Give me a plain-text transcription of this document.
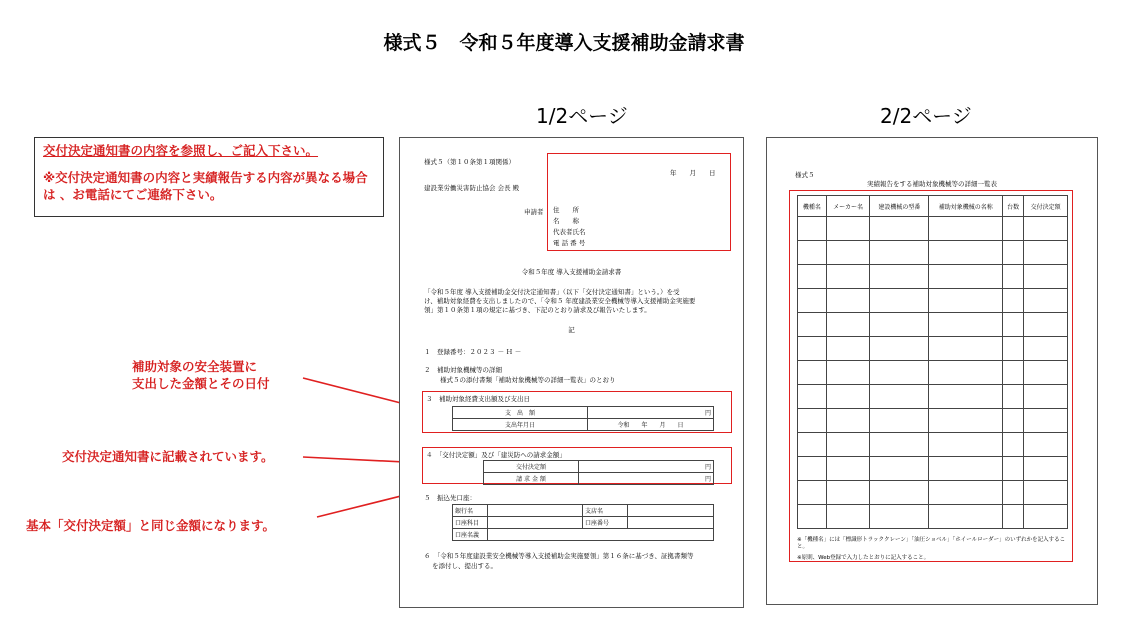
様式５　令和５年度導入支援補助金請求書
1/2ページ	2/2ページ
交付決定通知書の内容を参照し、ご記入下さい。
※交付決定通知書の内容と実績報告する内容が異なる場合は 、お電話にてご連絡下さい。
補助対象の安全装置に
支出した金額とその日付
交付決定通知書に記載されています。
基本「交付決定額」と同じ金額になります。
様式５（第１０条第１項関係）
年　　月　　日
建設業労働災害防止協会 会長 殿
申請者 住　　所
名　　称
代表者氏名
電 話 番 号
令和５年度 導入支援補助金請求書
「令和５年度 導入支援補助金交付決定通知書」（以下「交付決定通知書」という。）を受
け、補助対象経費を支出しましたので、「令和５ 年度建設業安全機械等導入支援補助金実施要
領」第１０条第１項の規定に基づき、下記のとおり請求及び報告いたします。
記
１　登録番号：２０２３ － Ｈ －
２　補助対象機械等の詳細
様式５の添付書類「補助対象機械等の詳細一覧表」のとおり
３　補助対象経費支出額及び支出日
支　出　額	円
支出年月日	令和　　年　　月　　日
４　「交付決定額」及び「建災防への請求金額」
交付決定額	円
請 求 金 額	円
５　振込先口座：
銀行名		支店名	
口座科目		口座番号	
口座名義			
６　「令和５年度建設業安全機械等導入支援補助金実施要領」第１６条に基づき、証拠書類等
を添付し、提出する。
様式５
実績報告をする補助対象機械等の詳細一覧表
機種名	メーカー名	建設機械の型番	補助対象機械の名称	台数	交付決定額

※「機種名」には「標識形トラッククレーン」「油圧ショベル」「ホイールローダー」のいずれかを記入すること。
※原則、Web登録で入力したとおりに記入すること。
